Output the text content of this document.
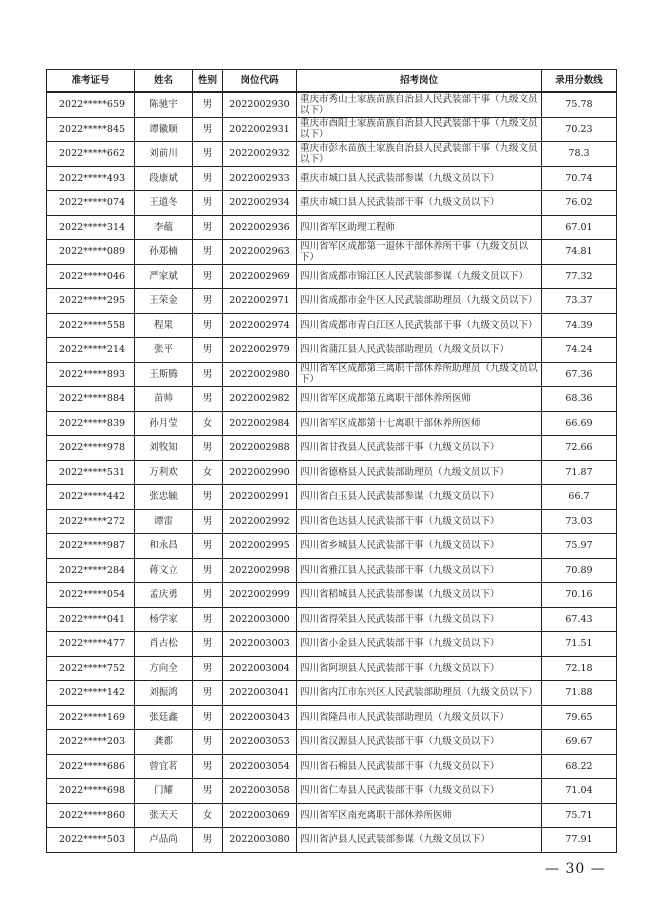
准考证号	姓名	性别	岗位代码	招考岗位	录用分数线
2022*****659	陈驰宇	男	2022002930	重庆市秀山土家族苗族自治县人民武装部干事（九级文员以下）	75.78
2022*****845	谭徽顺	男	2022002931	重庆市酉阳土家族苗族自治县人民武装部干事（九级文员以下）	70.23
2022*****662	刘前川	男	2022002932	重庆市彭水苗族土家族自治县人民武装部干事（九级文员以下）	78.3
2022*****493	段康斌	男	2022002933	重庆市城口县人民武装部参谋（九级文员以下）	70.74
2022*****074	王道冬	男	2022002934	重庆市城口县人民武装部干事（九级文员以下）	76.02
2022*****314	李蕴	男	2022002936	四川省军区助理工程师	67.01
2022*****089	孙郑楠	男	2022002963	四川省军区成都第一退休干部休养所干事（九级文员以下）	74.81
2022*****046	严家斌	男	2022002969	四川省成都市锦江区人民武装部参谋（九级文员以下）	77.32
2022*****295	王荣金	男	2022002971	四川省成都市金牛区人民武装部助理员（九级文员以下）	73.37
2022*****558	程果	男	2022002974	四川省成都市青白江区人民武装部干事（九级文员以下）	74.39
2022*****214	张平	男	2022002979	四川省蒲江县人民武装部助理员（九级文员以下）	74.24
2022*****893	王斯腾	男	2022002980	四川省军区成都第三离职干部休养所助理员（九级文员以下）	67.36
2022*****884	苗帅	男	2022002982	四川省军区成都第五离职干部休养所医师	68.36
2022*****839	孙月莹	女	2022002984	四川省军区成都第十七离职干部休养所医师	66.69
2022*****978	刘牧知	男	2022002988	四川省甘孜县人民武装部干事（九级文员以下）	72.66
2022*****531	万利欢	女	2022002990	四川省德格县人民武装部助理员（九级文员以下）	71.87
2022*****442	张忠毓	男	2022002991	四川省白玉县人民武装部参谋（九级文员以下）	66.7
2022*****272	谭雷	男	2022002992	四川省色达县人民武装部干事（九级文员以下）	73.03
2022*****987	和永昌	男	2022002995	四川省乡城县人民武装部干事（九级文员以下）	75.97
2022*****284	蒋文立	男	2022002998	四川省雅江县人民武装部干事（九级文员以下）	70.89
2022*****054	孟庆勇	男	2022002999	四川省稻城县人民武装部参谋（九级文员以下）	70.16
2022*****041	杨学家	男	2022003000	四川省得荣县人民武装部干事（九级文员以下）	67.43
2022*****477	肖古松	男	2022003003	四川省小金县人民武装部干事（九级文员以下）	71.51
2022*****752	方向全	男	2022003004	四川省阿坝县人民武装部干事（九级文员以下）	72.18
2022*****142	刘振鸿	男	2022003041	四川省内江市东兴区人民武装部助理员（九级文员以下）	71.88
2022*****169	张廷鑫	男	2022003043	四川省隆昌市人民武装部助理员（九级文员以下）	79.65
2022*****203	龚都	男	2022003053	四川省汉源县人民武装部干事（九级文员以下）	69.67
2022*****686	曾宜茗	男	2022003054	四川省石棉县人民武装部干事（九级文员以下）	68.22
2022*****698	门耀	男	2022003058	四川省仁寿县人民武装部干事（九级文员以下）	71.04
2022*****860	张天天	女	2022003069	四川省军区南充离职干部休养所医师	75.71
2022*****503	卢品尚	男	2022003080	四川省泸县人民武装部参谋（九级文员以下）	77.91
— 30 —
